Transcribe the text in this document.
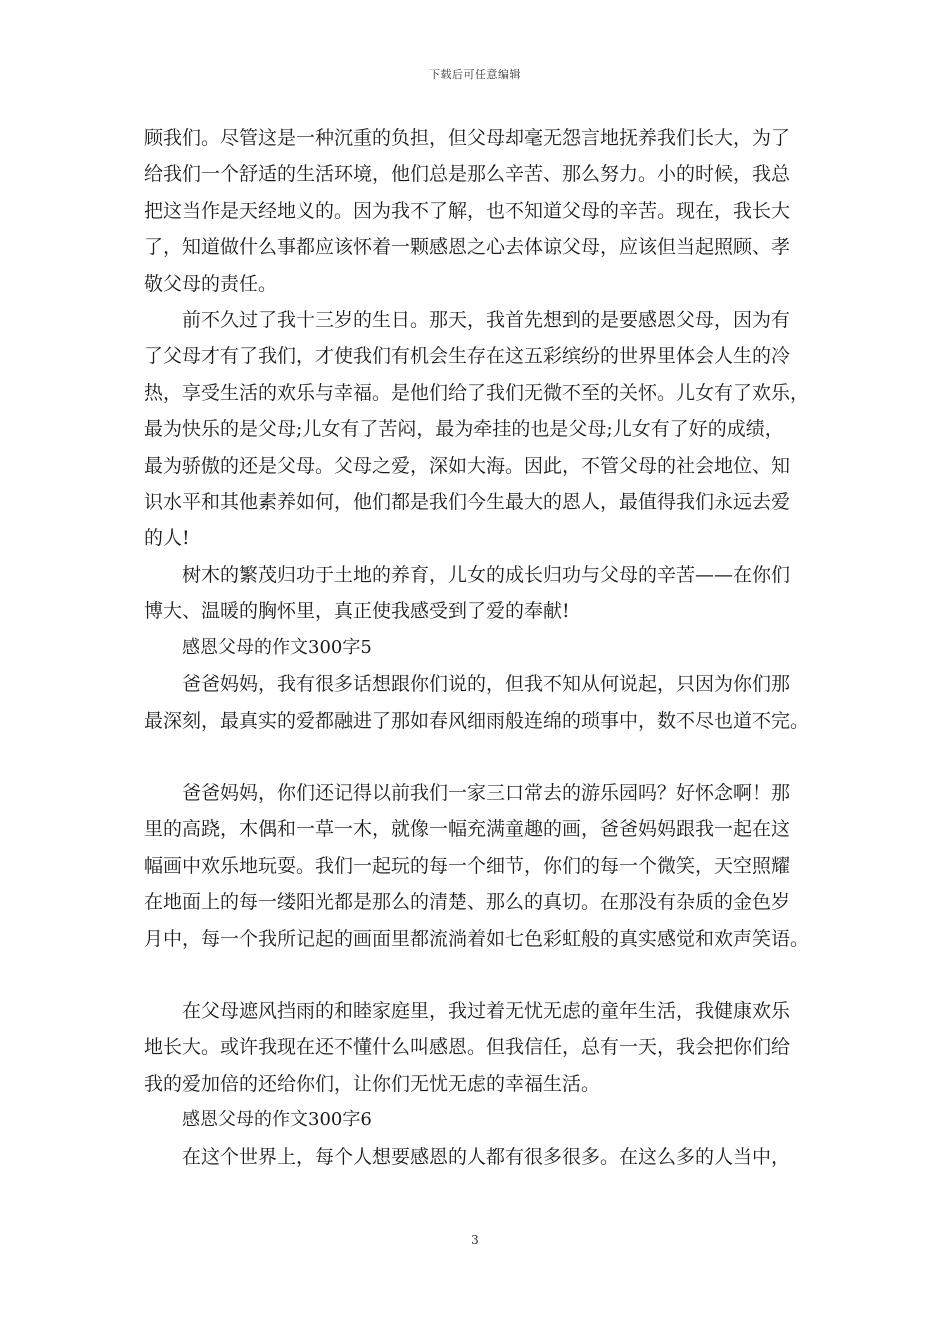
下载后可任意编辑

顾我们。尽管这是一种沉重的负担，但父母却毫无怨言地抚养我们长大，为了
给我们一个舒适的生活环境，他们总是那么辛苦、那么努力。小的时候，我总
把这当作是天经地义的。因为我不了解，也不知道父母的辛苦。现在，我长大
了，知道做什么事都应该怀着一颗感恩之心去体谅父母，应该但当起照顾、孝
敬父母的责任。

前不久过了我十三岁的生日。那天，我首先想到的是要感恩父母，因为有
了父母才有了我们，才使我们有机会生存在这五彩缤纷的世界里体会人生的冷
热，享受生活的欢乐与幸福。是他们给了我们无微不至的关怀。儿女有了欢乐，
最为快乐的是父母;儿女有了苦闷，最为牵挂的也是父母;儿女有了好的成绩，
最为骄傲的还是父母。父母之爱，深如大海。因此，不管父母的社会地位、知
识水平和其他素养如何，他们都是我们今生最大的恩人，最值得我们永远去爱
的人!

树木的繁茂归功于土地的养育，儿女的成长归功与父母的辛苦——在你们
博大、温暖的胸怀里，真正使我感受到了爱的奉献!

感恩父母的作文300字5

爸爸妈妈，我有很多话想跟你们说的，但我不知从何说起，只因为你们那
最深刻，最真实的爱都融进了那如春风细雨般连绵的琐事中，数不尽也道不完。

爸爸妈妈，你们还记得以前我们一家三口常去的游乐园吗？好怀念啊！那
里的高跷，木偶和一草一木，就像一幅充满童趣的画，爸爸妈妈跟我一起在这
幅画中欢乐地玩耍。我们一起玩的每一个细节，你们的每一个微笑，天空照耀
在地面上的每一缕阳光都是那么的清楚、那么的真切。在那没有杂质的金色岁
月中，每一个我所记起的画面里都流淌着如七色彩虹般的真实感觉和欢声笑语。

在父母遮风挡雨的和睦家庭里，我过着无忧无虑的童年生活，我健康欢乐
地长大。或许我现在还不懂什么叫感恩。但我信任，总有一天，我会把你们给
我的爱加倍的还给你们，让你们无忧无虑的幸福生活。

感恩父母的作文300字6

在这个世界上，每个人想要感恩的人都有很多很多。在这么多的人当中，

3
